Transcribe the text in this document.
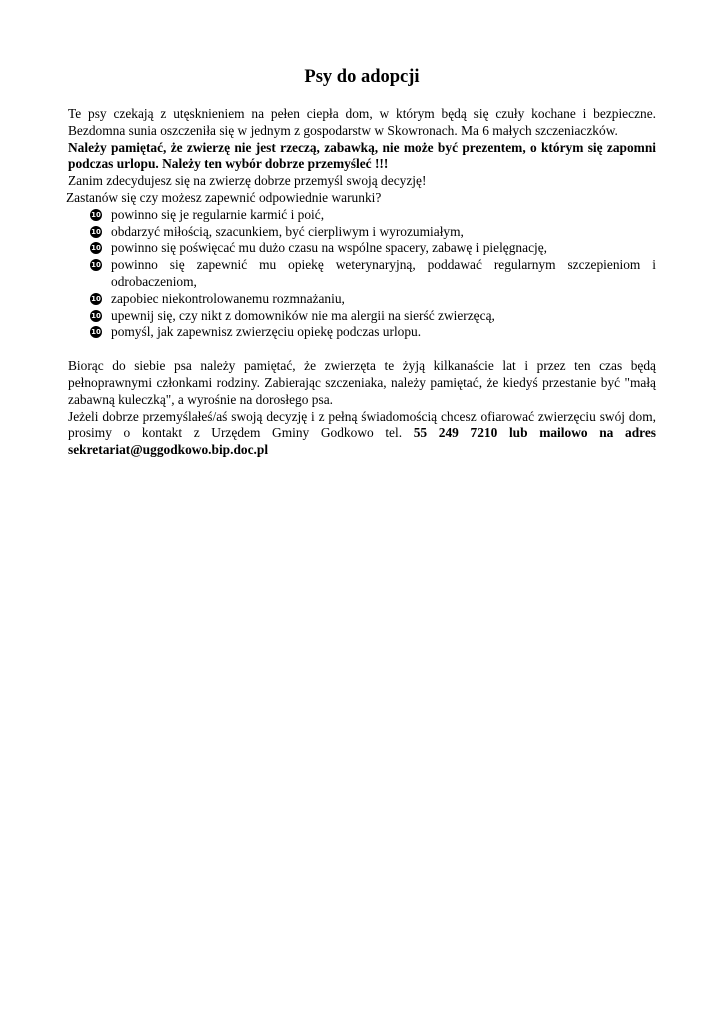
Psy do adopcji

Te psy czekają z utęsknieniem na pełen ciepła dom, w którym będą się czuły kochane i bezpieczne. Bezdomna sunia oszczeniła się w jednym z gospodarstw w Skowronach. Ma 6 małych szczeniaczków.

Należy pamiętać, że zwierzę nie jest rzeczą, zabawką, nie może być prezentem, o którym się zapomni podczas urlopu. Należy ten wybór dobrze przemyśleć !!!

Zanim zdecydujesz się na zwierzę dobrze przemyśl swoją decyzję!

Zastanów się czy możesz zapewnić odpowiednie warunki?

10 powinno się je regularnie karmić i poić,
10 obdarzyć miłością, szacunkiem, być cierpliwym i wyrozumiałym,
10 powinno się poświęcać mu dużo czasu na wspólne spacery, zabawę i pielęgnację,
10 powinno się zapewnić mu opiekę weterynaryjną, poddawać regularnym szczepieniom i odrobaczeniom,
10 zapobiec niekontrolowanemu rozmnażaniu,
10 upewnij się, czy nikt z domowników nie ma alergii na sierść zwierzęcą,
10 pomyśl, jak zapewnisz zwierzęciu opiekę podczas urlopu.

Biorąc do siebie psa należy pamiętać, że zwierzęta te żyją kilkanaście lat i przez ten czas będą pełnoprawnymi członkami rodziny. Zabierając szczeniaka, należy pamiętać, że kiedyś przestanie być "małą zabawną kuleczką", a wyrośnie na dorosłego psa.

Jeżeli dobrze przemyślałeś/aś swoją decyzję i z pełną świadomością chcesz ofiarować zwierzęciu swój dom, prosimy o kontakt z Urzędem Gminy Godkowo tel. 55 249 7210 lub mailowo na adres sekretariat@uggodkowo.bip.doc.pl
